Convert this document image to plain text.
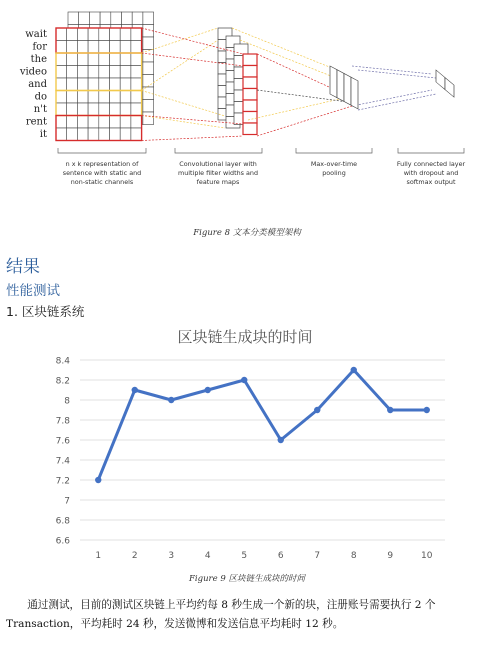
wait
for
the
video
and
do
n't
rent
it
n x k representation of
sentence with static and
non-static channels
Convolutional layer with
multiple filter widths and
feature maps
Max-over-time
pooling
Fully connected layer
with dropout and
softmax output
Figure 8 文本分类模型架构
结果
性能测试
1. 区块链系统
区块链生成块的时间
6.6
6.8
7
7.2
7.4
7.6
7.8
8
8.2
8.4
1	2	3	4	5	6	7	8	9	10
Figure 9 区块链生成块的时间
通过测试，目前的测试区块链上平均约每 8 秒生成一个新的块，注册账号需要执行 2 个 Transaction，平均耗时 24 秒，发送微博和发送信息平均耗时 12 秒。
